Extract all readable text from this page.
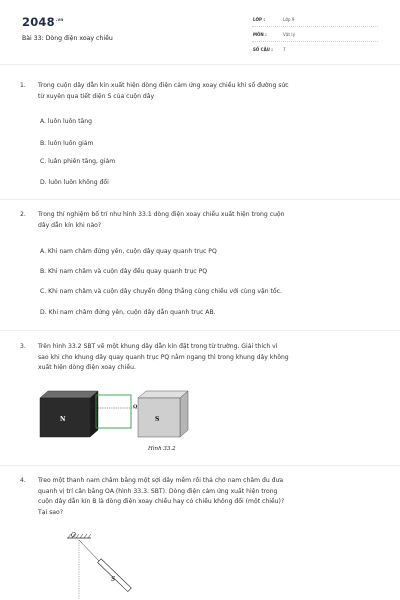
$2048^{.vn}$
Bài 33: Dòng điện xoay chiều
LỚP :	Lớp 9
MÔN :	Vật lý
SỐ CÂU : 7
1. Trong cuộn dây dẫn kín xuất hiện dòng điện cảm ứng xoay chiều khi số đường sức
từ xuyên qua tiết diện S của cuộn dây
A. luôn luôn tăng
B. luôn luôn giảm
C. luân phiên tăng, giảm
D. luôn luôn không đổi
2. Trong thí nghiệm bố trí như hình 33.1 dòng điện xoay chiều xuất hiện trong cuộn
dây dẫn kín khi nào?
A. Khi nam châm đứng yên, cuộn dây quay quanh trục PQ
B. Khi nam châm và cuộn dây đều quay quanh trục PQ
C. Khi nam châm và cuộn dây chuyển động thẳng cùng chiều với cùng vận tốc.
D. Khi nam châm đứng yên, cuộn dây dẫn quanh trục AB.
3. Trên hình 33.2 SBT vẽ một khung dây dẫn kín đặt trong từ trường. Giải thích vì
sao khi cho khung dây quay quanh trục PQ nằm ngang thì trong khung dây không
xuất hiện dòng điện xoay chiều.
N
P	Q
S
Hình 33.2
4. Treo một thanh nam châm bằng một sợi dây mềm rồi thả cho nam châm đu đưa
quanh vị trí cân bằng OA (hình 33.3. SBT). Dòng điện cảm ứng xuất hiện trong
cuộn dây dẫn kín B là dòng điện xoay chiều hay có chiều không đổi (một chiều)?
Tại sao?
O
S
